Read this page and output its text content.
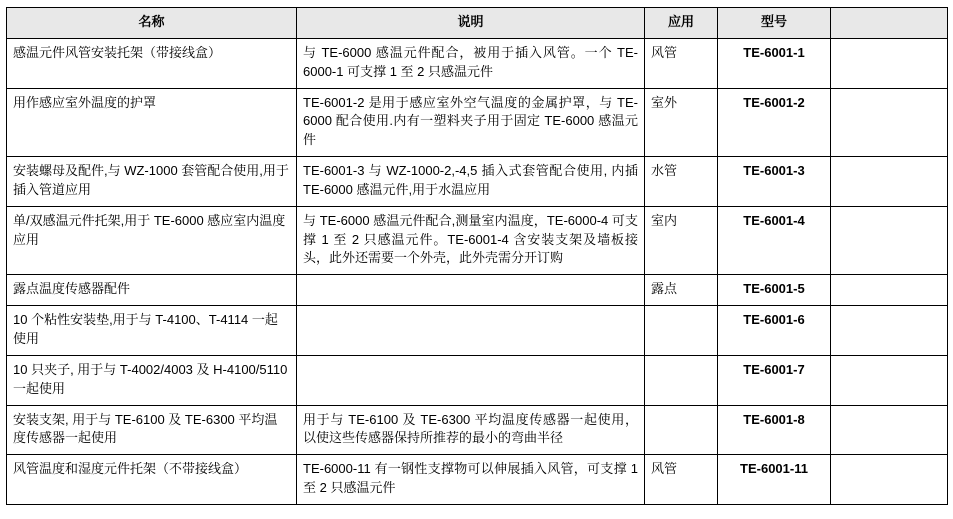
名称	说明	应用	型号	
感温元件风管安装托架（带接线盒）	与 TE-6000 感温元件配合，被用于插入风管。一个 TE-6000-1 可支撑 1 至 2 只感温元件	风管	TE-6001-1	
用作感应室外温度的护罩	TE-6001-2 是用于感应室外空气温度的金属护罩，与 TE-6000 配合使用.内有一塑料夹子用于固定 TE-6000 感温元件	室外	TE-6001-2	
安装螺母及配件,与 WZ-1000 套管配合使用,用于插入管道应用	TE-6001-3 与 WZ-1000-2,-4,5 插入式套管配合使用, 内插 TE-6000 感温元件,用于水温应用	水管	TE-6001-3	
单/双感温元件托架,用于 TE-6000 感应室内温度应用	与 TE-6000 感温元件配合,测量室内温度，TE-6000-4 可支撑 1 至 2 只感温元件。TE-6001-4 含安装支架及墙板接头，此外还需要一个外壳，此外壳需分开订购	室内	TE-6001-4	
露点温度传感器配件		露点	TE-6001-5	
10 个粘性安装垫,用于与 T-4100、T-4114 一起使用			TE-6001-6	
10 只夹子, 用于与 T-4002/4003 及 H-4100/5110 一起使用			TE-6001-7	
安装支架, 用于与 TE-6100 及 TE-6300 平均温度传感器一起使用	用于与 TE-6100 及 TE-6300 平均温度传感器一起使用，以使这些传感器保持所推荐的最小的弯曲半径		TE-6001-8	
风管温度和湿度元件托架（不带接线盒）	TE-6000-11 有一钢性支撑物可以伸展插入风管，可支撑 1 至 2 只感温元件	风管	TE-6001-11	
